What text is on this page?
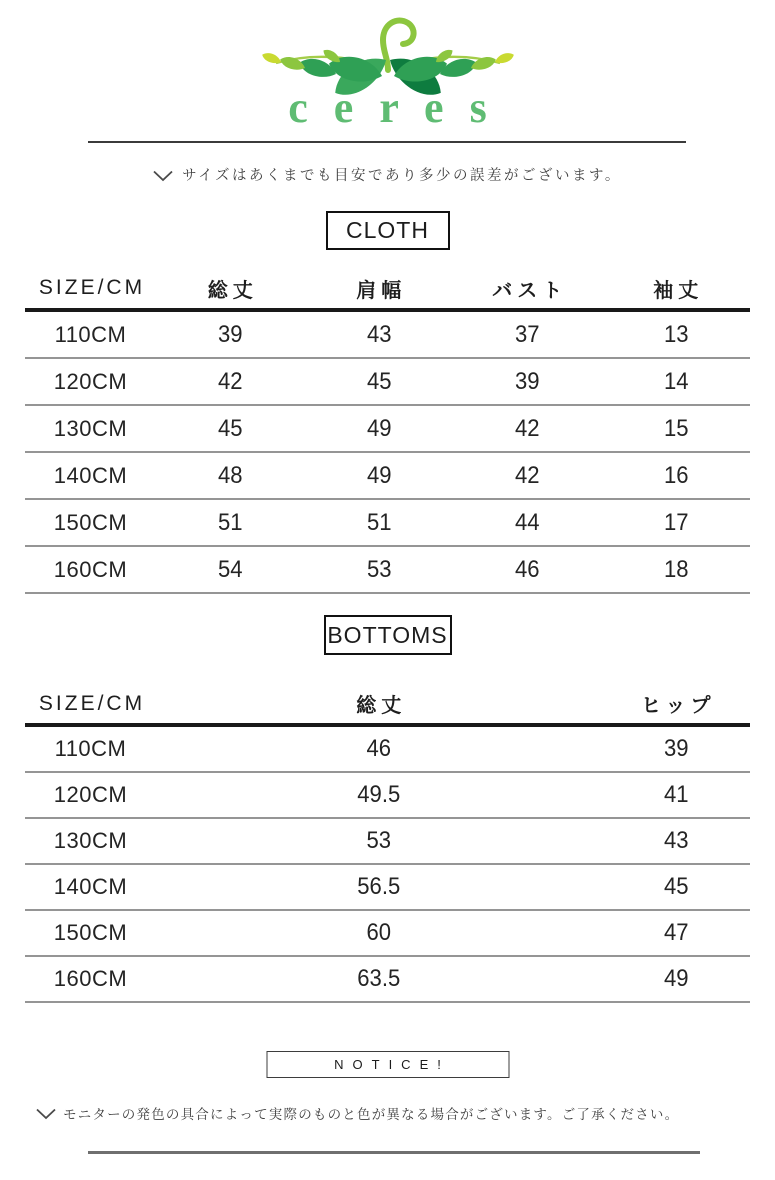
ceres
サイズはあくまでも目安であり多少の誤差がございます。
CLOTH
SIZE/CM	総丈	肩幅	バスト	袖丈
110CM	39	43	37	13
120CM	42	45	39	14
130CM	45	49	42	15
140CM	48	49	42	16
150CM	51	51	44	17
160CM	54	53	46	18
BOTTOMS
SIZE/CM	総丈	ヒップ
110CM	46	39
120CM	49.5	41
130CM	53	43
140CM	56.5	45
150CM	60	47
160CM	63.5	49
NOTICE!
モニターの発色の具合によって実際のものと色が異なる場合がございます。ご了承ください。
